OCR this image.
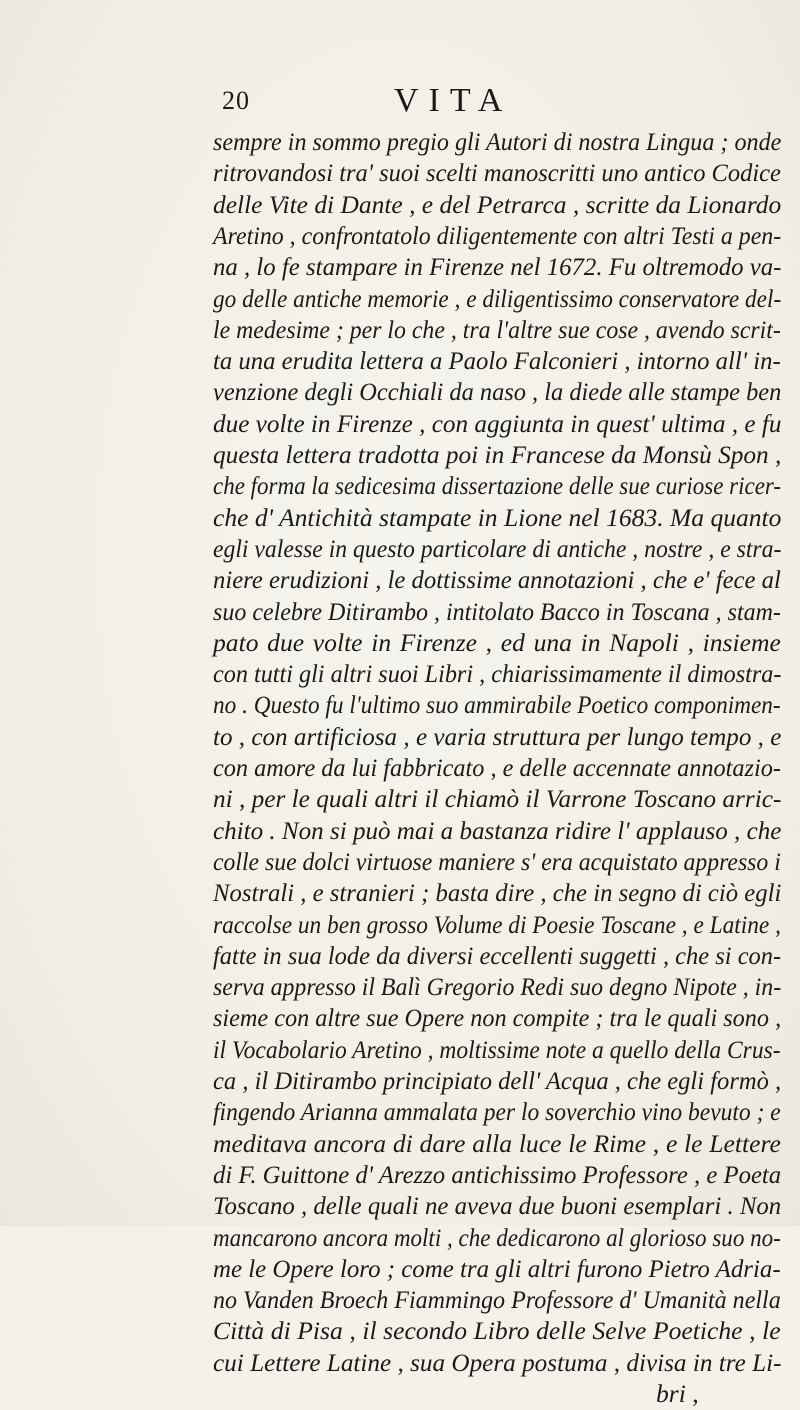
20	VITA
sempre in sommo pregio gli Autori di nostra Lingua ; onde
ritrovandosi tra' suoi scelti manoscritti uno antico Codice
delle Vite di Dante , e del Petrarca , scritte da Lionardo
Aretino , confrontatolo diligentemente con altri Testi a pen-
na , lo fe stampare in Firenze nel 1672. Fu oltremodo va-
go delle antiche memorie , e diligentissimo conservatore del-
le medesime ; per lo che , tra l'altre sue cose , avendo scrit-
ta una erudita lettera a Paolo Falconieri , intorno all' in-
venzione degli Occhiali da naso , la diede alle stampe ben
due volte in Firenze , con aggiunta in quest' ultima , e fu
questa lettera tradotta poi in Francese da Monsù Spon ,
che forma la sedicesima dissertazione delle sue curiose ricer-
che d' Antichità stampate in Lione nel 1683. Ma quanto
egli valesse in questo particolare di antiche , nostre , e stra-
niere erudizioni , le dottissime annotazioni , che e' fece al
suo celebre Ditirambo , intitolato Bacco in Toscana , stam-
pato due volte in Firenze , ed una in Napoli , insieme
con tutti gli altri suoi Libri , chiarissimamente il dimostra-
no . Questo fu l'ultimo suo ammirabile Poetico componimen-
to , con artificiosa , e varia struttura per lungo tempo , e
con amore da lui fabbricato , e delle accennate annotazio-
ni , per le quali altri il chiamò il Varrone Toscano arric-
chito . Non si può mai a bastanza ridire l' applauso , che
colle sue dolci virtuose maniere s' era acquistato appresso i
Nostrali , e stranieri ; basta dire , che in segno di ciò egli
raccolse un ben grosso Volume di Poesie Toscane , e Latine ,
fatte in sua lode da diversi eccellenti suggetti , che si con-
serva appresso il Balì Gregorio Redi suo degno Nipote , in-
sieme con altre sue Opere non compite ; tra le quali sono ,
il Vocabolario Aretino , moltissime note a quello della Crus-
ca , il Ditirambo principiato dell' Acqua , che egli formò ,
fingendo Arianna ammalata per lo soverchio vino bevuto ; e
meditava ancora di dare alla luce le Rime , e le Lettere
di F. Guittone d' Arezzo antichissimo Professore , e Poeta
Toscano , delle quali ne aveva due buoni esemplari . Non
mancarono ancora molti , che dedicarono al glorioso suo no-
me le Opere loro ; come tra gli altri furono Pietro Adria-
no Vanden Broech Fiammingo Professore d' Umanità nella
Città di Pisa , il secondo Libro delle Selve Poetiche , le
cui Lettere Latine , sua Opera postuma , divisa in tre Li-
bri ,
